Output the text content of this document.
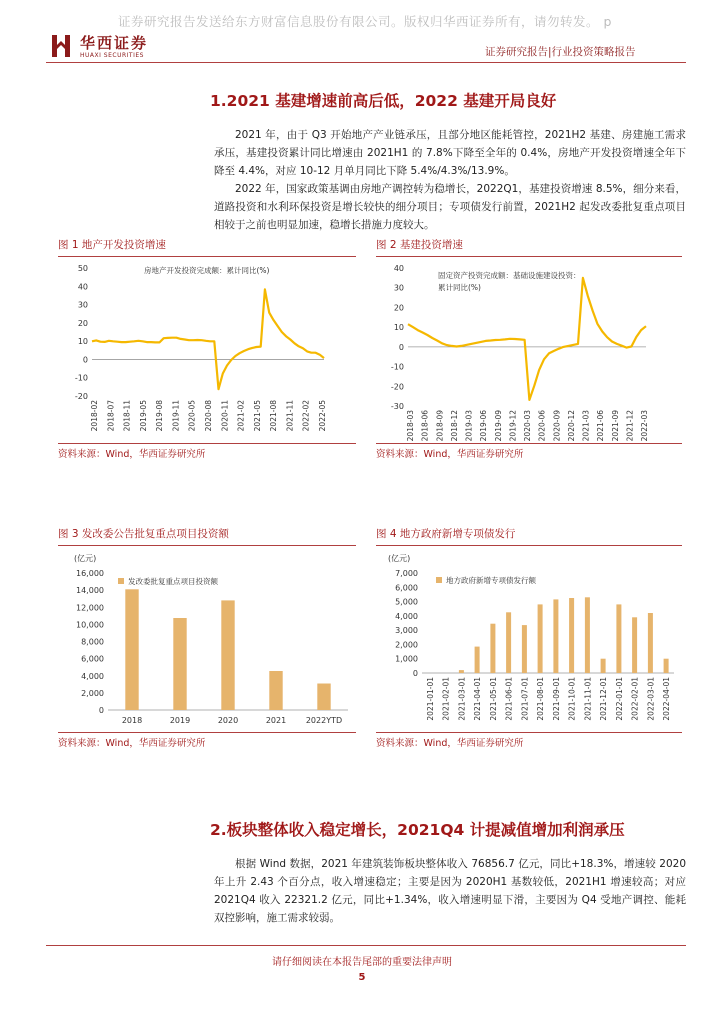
证券研究报告发送给东方财富信息股份有限公司。版权归华西证券所有，请勿转发。 p
华西证券
HUAXI SECURITIES	证券研究报告|行业投资策略报告
1.2021 基建增速前高后低，2022 基建开局良好

2021 年，由于 Q3 开始地产产业链承压，且部分地区能耗管控，2021H2 基建、房建施工需求承压，基建投资累计同比增速由 2021H1 的 7.8%下降至全年的 0.4%，房地产开发投资增速全年下降至 4.4%，对应 10-12 月单月同比下降 5.4%/4.3%/13.9%。

2022 年，国家政策基调由房地产调控转为稳增长，2022Q1，基建投资增速 8.5%，细分来看，道路投资和水利环保投资是增长较快的细分项目；专项债发行前置，2021H2 起发改委批复重点项目相较于之前也明显加速，稳增长措施力度较大。

图 1 地产开发投资增速
-20
-10
0
10
20
30
40
50
2018-02 2018-07 2018-11 2019-05 2019-08 2019-11 2020-05 2020-08 2020-11 2021-02 2021-05 2021-08 2021-11 2022-02 2022-05
房地产开发投资完成额：累计同比(%)
资料来源：Wind，华西证券研究所
图 2 基建投资增速
-30
-20
-10
0
10
20
30
40
2018-03 2018-06 2018-09 2018-12 2019-03 2019-06 2019-09 2019-12 2020-03 2020-06 2020-09 2020-12 2021-03 2021-06 2021-09 2021-12 2022-03
固定资产投资完成额：基础设施建设投资：
累计同比(%)
资料来源：Wind，华西证券研究所
图 3 发改委公告批复重点项目投资额
0
2,000
4,000
6,000
8,000
10,000
12,000
14,000
16,000
2018	2019	2020	2021 2022YTD
(亿元)
发改委批复重点项目投资额
资料来源：Wind，华西证券研究所
图 4 地方政府新增专项债发行
0
1,000
2,000
3,000
4,000
5,000
6,000
7,000
2021-01-01 2021-02-01 2021-03-01 2021-04-01 2021-05-01 2021-06-01 2021-07-01 2021-08-01 2021-09-01 2021-10-01 2021-11-01 2021-12-01 2022-01-01 2022-02-01 2022-03-01 2022-04-01
(亿元)
地方政府新增专项债发行额
资料来源：Wind，华西证券研究所
2.板块整体收入稳定增长，2021Q4 计提减值增加利润承压

根据 Wind 数据，2021 年建筑装饰板块整体收入 76856.7 亿元，同比+18.3%，增速较 2020 年上升 2.43 个百分点，收入增速稳定；主要是因为 2020H1 基数较低，2021H1 增速较高；对应 2021Q4 收入 22321.2 亿元，同比+1.34%，收入增速明显下滑，主要因为 Q4 受地产调控、能耗双控影响，施工需求较弱。

请仔细阅读在本报告尾部的重要法律声明
5
